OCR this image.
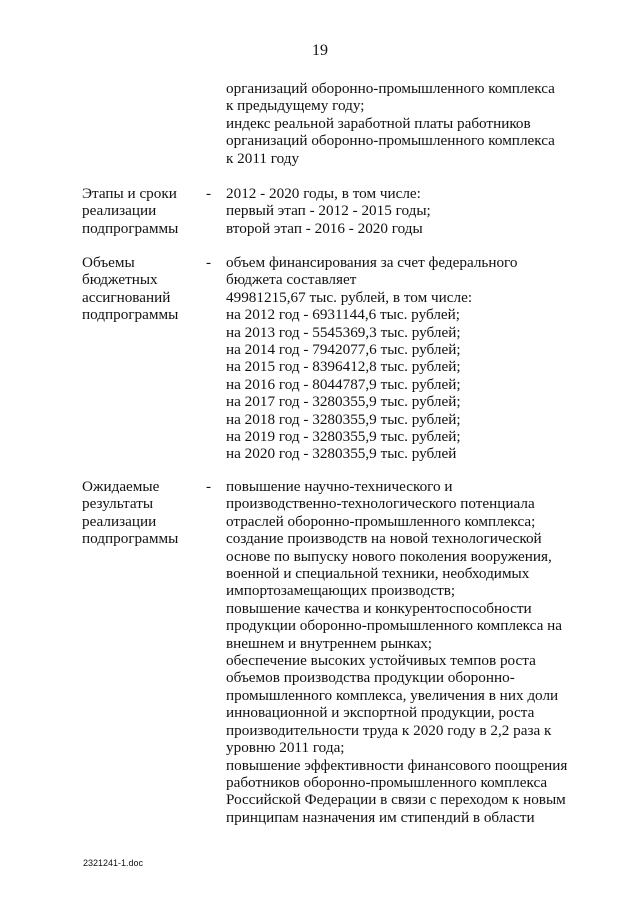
19
организаций оборонно-промышленного комплекса
к предыдущему году;
индекс реальной заработной платы работников
организаций оборонно-промышленного комплекса
к 2011 году
Этапы и сроки
реализации
подпрограммы
- 2012 - 2020 годы, в том числе:
первый этап - 2012 - 2015 годы;
второй этап - 2016 - 2020 годы
Объемы
бюджетных
ассигнований
подпрограммы
- объем финансирования за счет федерального
бюджета составляет
49981215,67 тыс. рублей, в том числе:
на 2012 год - 6931144,6 тыс. рублей;
на 2013 год - 5545369,3 тыс. рублей;
на 2014 год - 7942077,6 тыс. рублей;
на 2015 год - 8396412,8 тыс. рублей;
на 2016 год - 8044787,9 тыс. рублей;
на 2017 год - 3280355,9 тыс. рублей;
на 2018 год - 3280355,9 тыс. рублей;
на 2019 год - 3280355,9 тыс. рублей;
на 2020 год - 3280355,9 тыс. рублей
Ожидаемые
результаты
реализации
подпрограммы
- повышение научно-технического и
производственно-технологического потенциала
отраслей оборонно-промышленного комплекса;
создание производств на новой технологической
основе по выпуску нового поколения вооружения,
военной и специальной техники, необходимых
импортозамещающих производств;
повышение качества и конкурентоспособности
продукции оборонно-промышленного комплекса на
внешнем и внутреннем рынках;
обеспечение высоких устойчивых темпов роста
объемов производства продукции оборонно-
промышленного комплекса, увеличения в них доли
инновационной и экспортной продукции, роста
производительности труда к 2020 году в 2,2 раза к
уровню 2011 года;
повышение эффективности финансового поощрения
работников оборонно-промышленного комплекса
Российской Федерации в связи с переходом к новым
принципам назначения им стипендий в области
2321241-1.doc
